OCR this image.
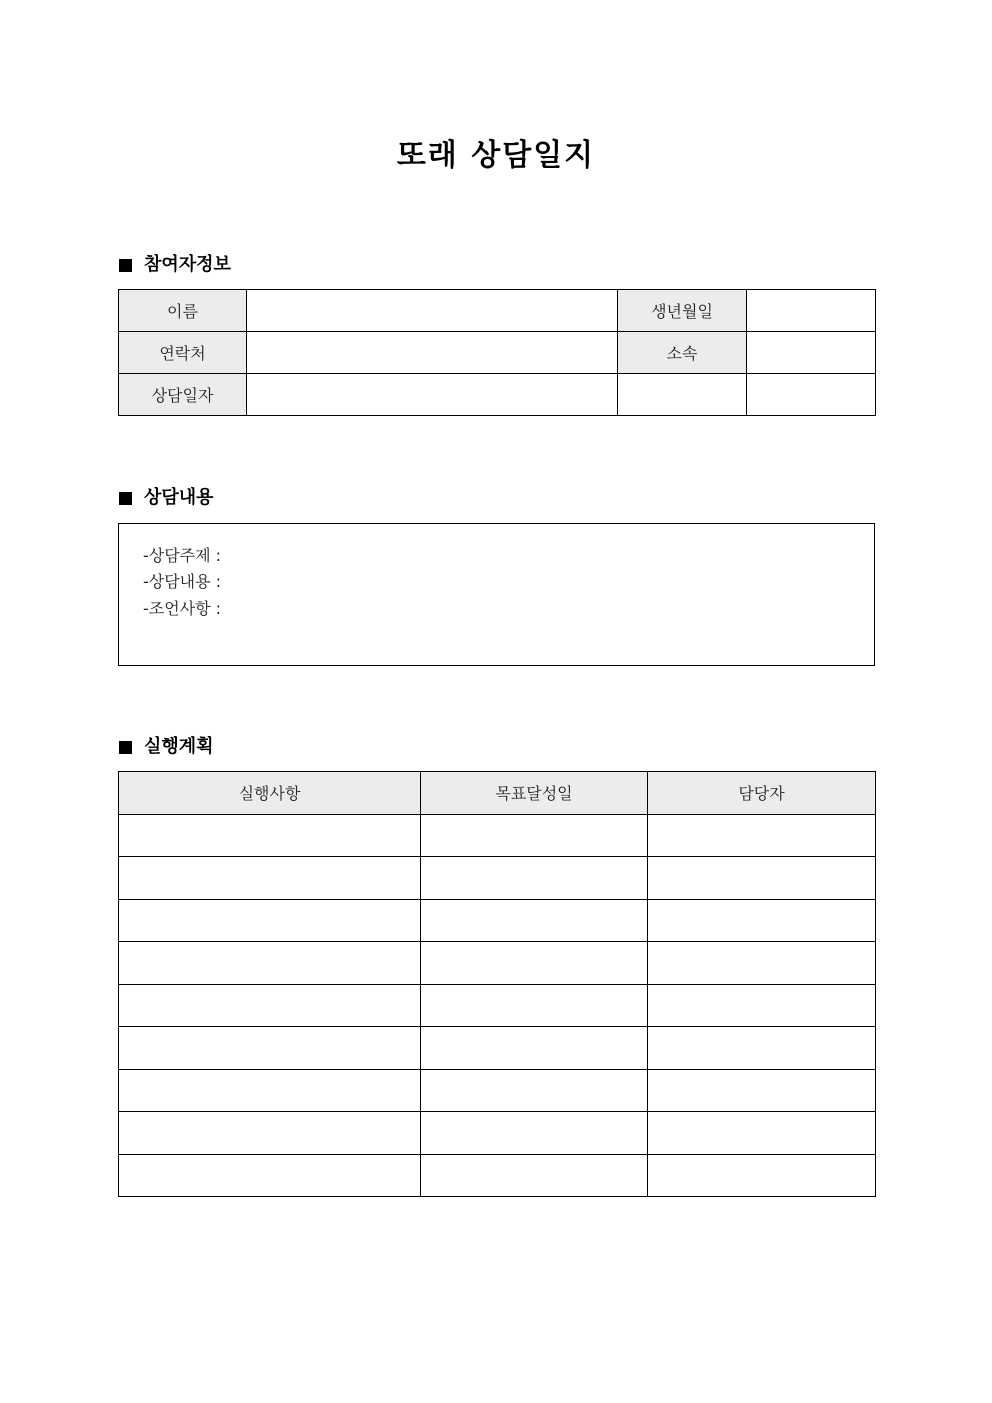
또래 상담일지
참여자정보
이름		생년월일	
연락처		소속	
상담일자			
상담내용
-상담주제 :
-상담내용 :
-조언사항 :
실행계획
실행사항	목표달성일	담당자
